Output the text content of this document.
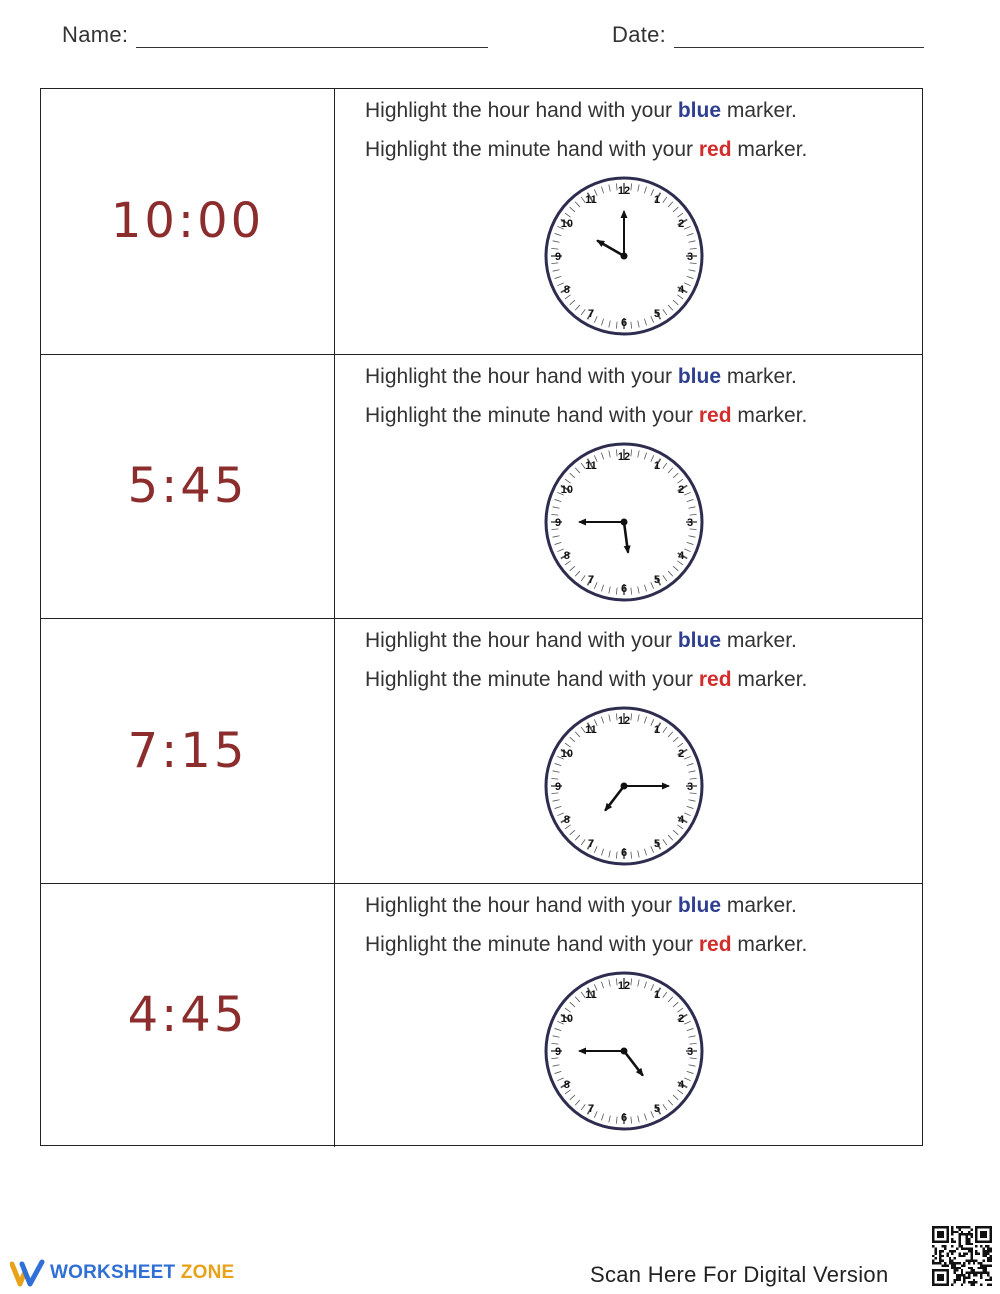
Name:	Date:
10:00
Highlight the hour hand with your blue marker.
Highlight the minute hand with your red marker.
12
1
2
3
4
5
6
7
8
9
10
11
5:45
Highlight the hour hand with your blue marker.
Highlight the minute hand with your red marker.
12
1
2
3
4
5
6
7
8
9
10
11
7:15
Highlight the hour hand with your blue marker.
Highlight the minute hand with your red marker.
12
1
2
3
4
5
6
7
8
9
10
11
4:45
Highlight the hour hand with your blue marker.
Highlight the minute hand with your red marker.
12
1
2
3
4
5
6
7
8
9
10
11
WORKSHEET ZONE	Scan Here For Digital Version
